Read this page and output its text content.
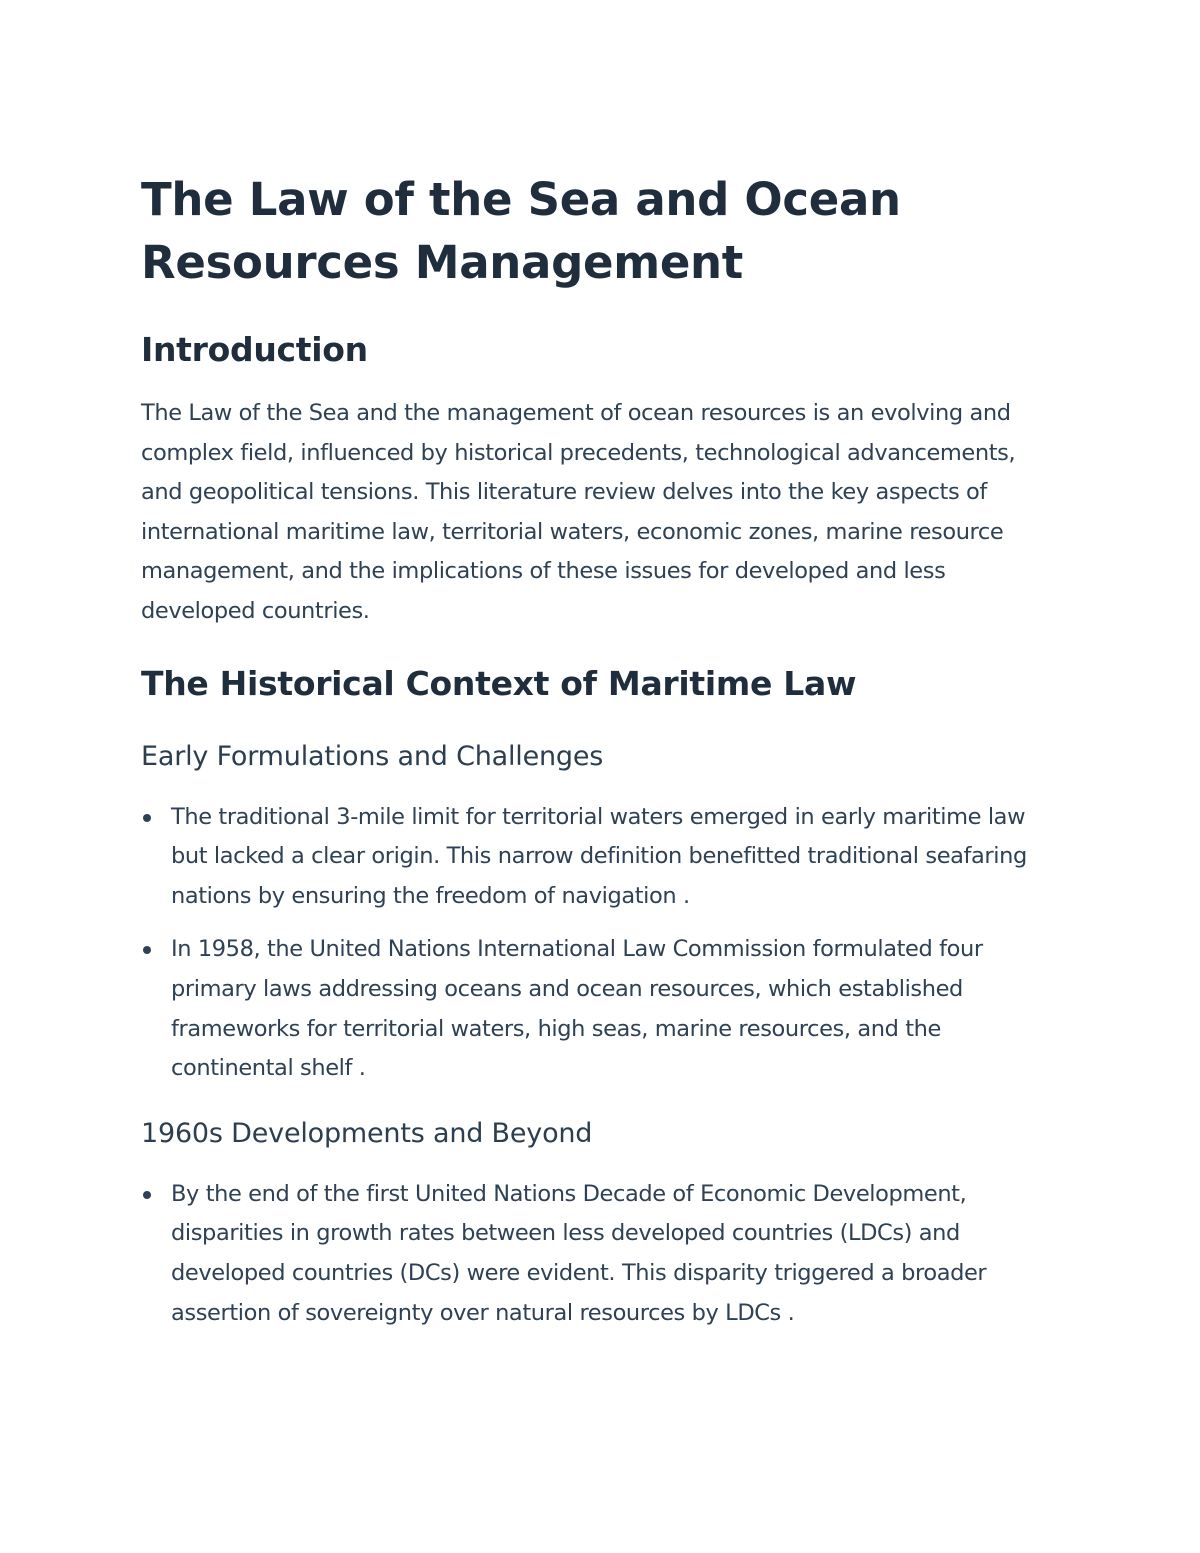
The Law of the Sea and Ocean Resources Management
Introduction

The Law of the Sea and the management of ocean resources is an evolving and complex field, influenced by historical precedents, technological advancements, and geopolitical tensions. This literature review delves into the key aspects of international maritime law, territorial waters, economic zones, marine resource management, and the implications of these issues for developed and less developed countries.

The Historical Context of Maritime Law
Early Formulations and Challenges
The traditional 3-mile limit for territorial waters emerged in early maritime law but lacked a clear origin. This narrow definition benefitted traditional seafaring nations by ensuring the freedom of navigation .
In 1958, the United Nations International Law Commission formulated four primary laws addressing oceans and ocean resources, which established frameworks for territorial waters, high seas, marine resources, and the continental shelf .
1960s Developments and Beyond
By the end of the first United Nations Decade of Economic Development, disparities in growth rates between less developed countries (LDCs) and developed countries (DCs) were evident. This disparity triggered a broader assertion of sovereignty over natural resources by LDCs .
